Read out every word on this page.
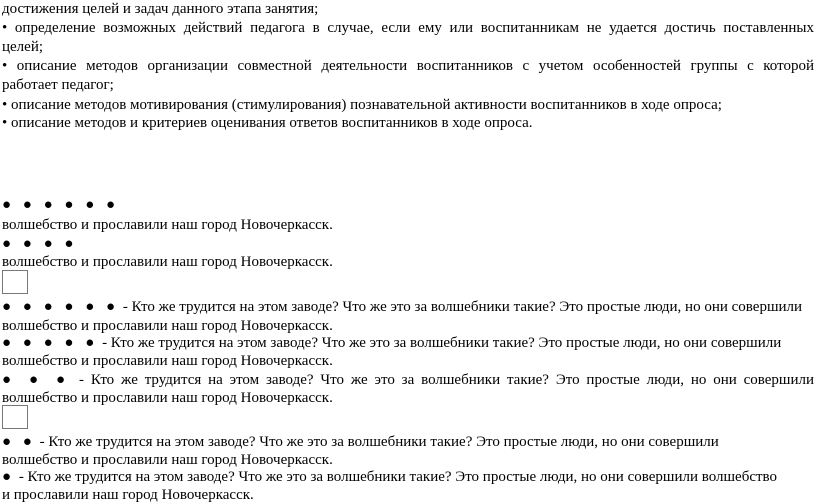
достижения целей и задач данного этапа занятия;
• определение возможных действий педагога в случае, если ему или воспитанникам не удается достичь поставленных
целей;
• описание методов организации совместной деятельности воспитанников с учетом особенностей группы с которой
работает педагог;
• описание методов мотивирования (стимулирования) познавательной активности воспитанников в ходе опроса;
• описание методов и критериев оценивания ответов воспитанников в ходе опроса.
● ● ● ● ● ●
волшебство и прославили наш город Новочеркасск.
● ● ● ●
волшебство и прославили наш город Новочеркасск.
● ● ● ● ● ● - Кто же трудится на этом заводе? Что же это за волшебники такие? Это простые люди, но они совершили
волшебство и прославили наш город Новочеркасск.
● ● ● ● ● - Кто же трудится на этом заводе? Что же это за волшебники такие? Это простые люди, но они совершили
волшебство и прославили наш город Новочеркасск.
● ● ● - Кто же трудится на этом заводе? Что же это за волшебники такие? Это простые люди, но они совершили
волшебство и прославили наш город Новочеркасск.
● ● - Кто же трудится на этом заводе? Что же это за волшебники такие? Это простые люди, но они совершили
волшебство и прославили наш город Новочеркасск.
● - Кто же трудится на этом заводе? Что же это за волшебники такие? Это простые люди, но они совершили волшебство
и прославили наш город Новочеркасск.
